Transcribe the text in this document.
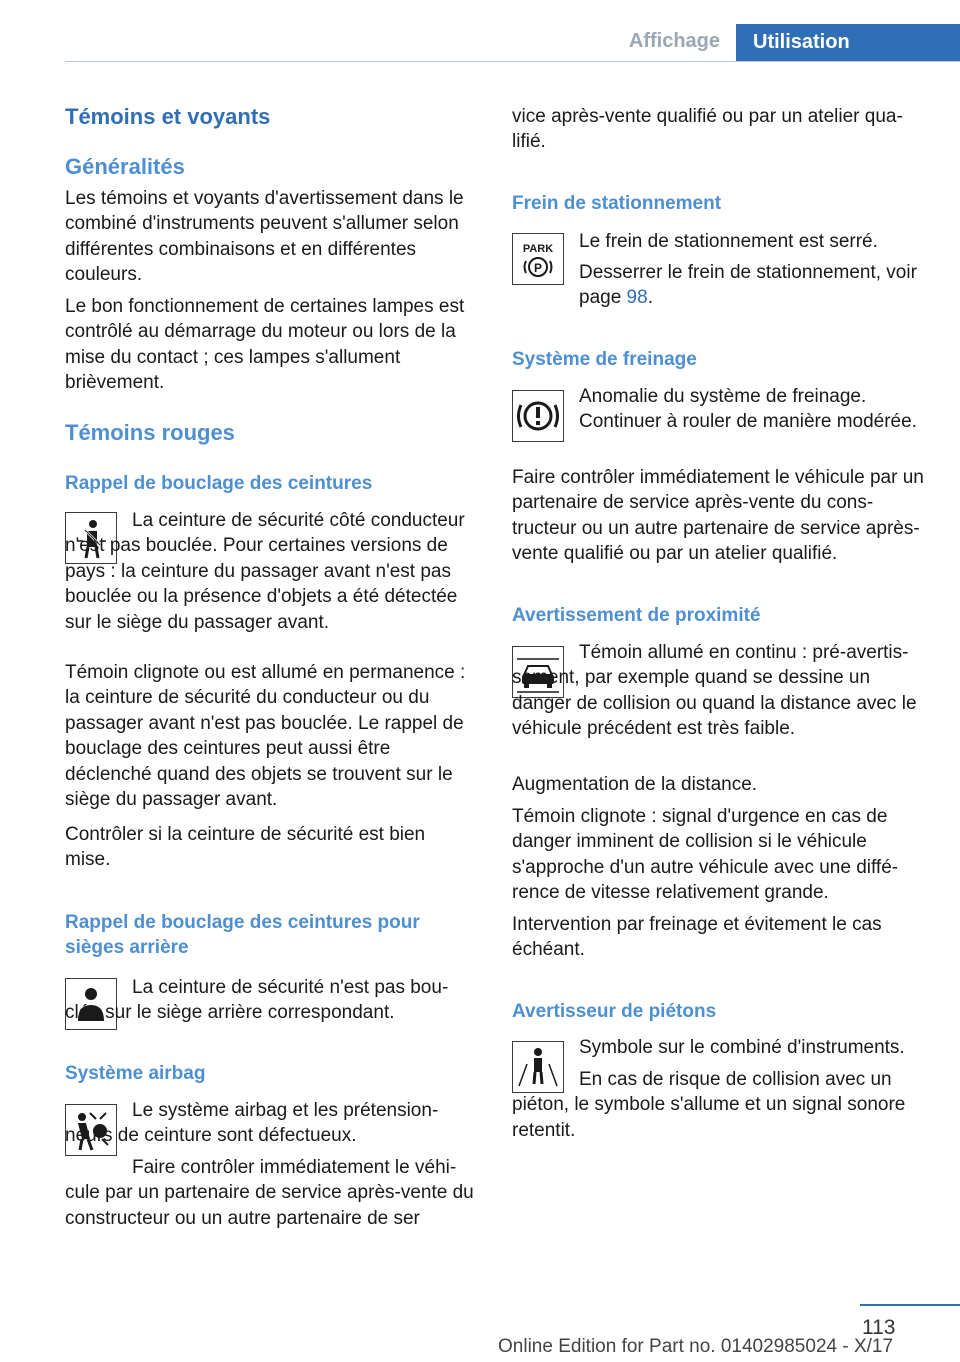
Affichage	Utilisation
Témoins et voyants
Généralités

Les témoins et voyants d'avertissement dans le combiné d'instruments peuvent s'allumer selon différentes combinaisons et en différentes couleurs.

Le bon fonctionnement de certaines lampes est contrôlé au démarrage du moteur ou lors de la mise du contact ; ces lampes s'allument brièvement.

Témoins rouges
Rappel de bouclage des ceintures

La ceinture de sécurité côté conducteur n'est pas bouclée. Pour certaines versions de pays : la ceinture du passager avant n'est pas bouclée ou la présence d'objets a été détectée sur le siège du passager avant.

Témoin clignote ou est allumé en permanence : la ceinture de sécurité du conducteur ou du passager avant n'est pas bouclée. Le rappel de bouclage des ceintures peut aussi être déclenché quand des objets se trouvent sur le siège du passager avant.

Contrôler si la ceinture de sécurité est bien mise.

Rappel de bouclage des ceintures pour sièges arrière

La ceinture de sécurité n'est pas bouclée sur le siège arrière correspondant.

Système airbag

Le système airbag et les prétensionneurs de ceinture sont défectueux.

Faire contrôler immédiatement le véhicule par un partenaire de service après-vente du constructeur ou un autre partenaire de ser

vice après-vente qualifié ou par un atelier qualifié.

Frein de stationnement
PARK
P

Le frein de stationnement est serré.

Desserrer le frein de stationnement, voir page 98.

Système de freinage

Anomalie du système de freinage. Continuer à rouler de manière modérée.

Faire contrôler immédiatement le véhicule par un partenaire de service après-vente du constructeur ou un autre partenaire de service après-vente qualifié ou par un atelier qualifié.

Avertissement de proximité

Témoin allumé en continu : pré-avertissement, par exemple quand se dessine un danger de collision ou quand la distance avec le véhicule précédent est très faible.

Augmentation de la distance.

Témoin clignote : signal d'urgence en cas de danger imminent de collision si le véhicule s'approche d'un autre véhicule avec une différence de vitesse relativement grande.

Intervention par freinage et évitement le cas échéant.

Avertisseur de piétons

Symbole sur le combiné d'instruments.

En cas de risque de collision avec un piéton, le symbole s'allume et un signal sonore retentit.

113
Online Edition for Part no. 01402985024 - X/17
